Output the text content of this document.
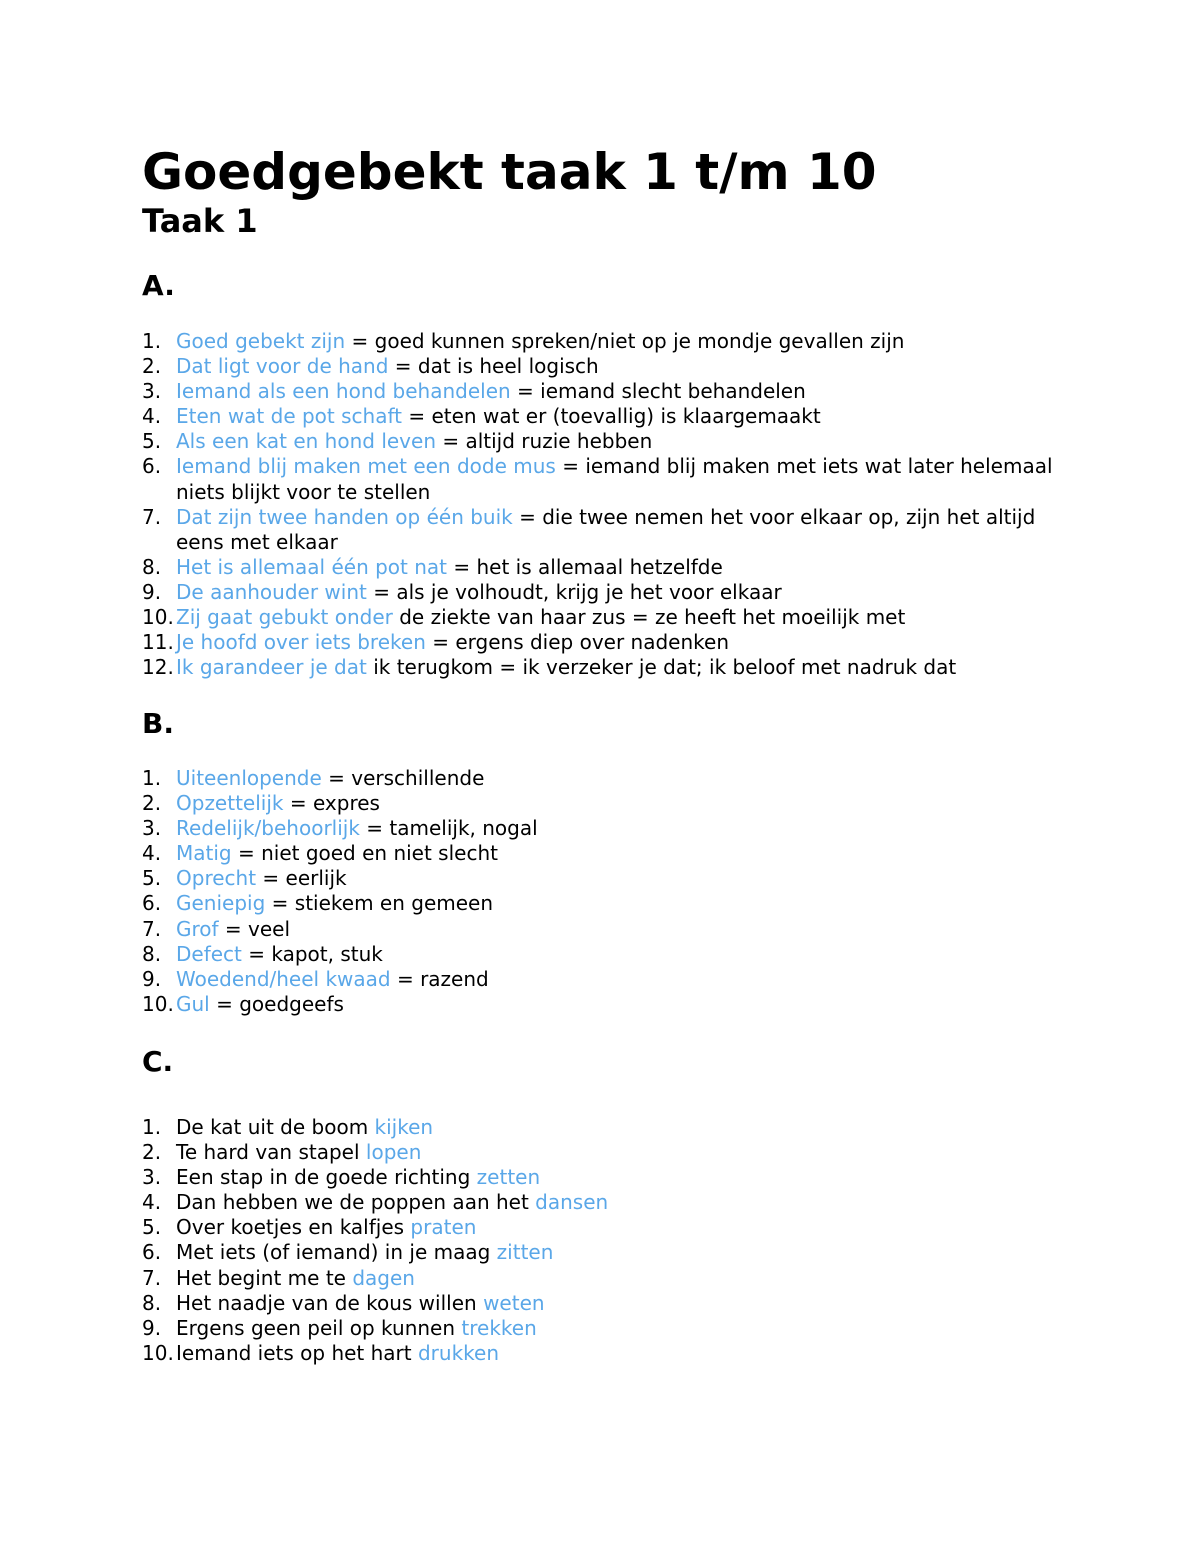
Goedgebekt taak 1 t/m 10
Taak 1
A.
1. Goed gebekt zijn = goed kunnen spreken/niet op je mondje gevallen zijn
2. Dat ligt voor de hand = dat is heel logisch
3. Iemand als een hond behandelen = iemand slecht behandelen
4. Eten wat de pot schaft = eten wat er (toevallig) is klaargemaakt
5. Als een kat en hond leven = altijd ruzie hebben
6. Iemand blij maken met een dode mus = iemand blij maken met iets wat later helemaal niets blijkt voor te stellen
7. Dat zijn twee handen op één buik = die twee nemen het voor elkaar op, zijn het altijd eens met elkaar
8. Het is allemaal één pot nat = het is allemaal hetzelfde
9. De aanhouder wint = als je volhoudt, krijg je het voor elkaar
10. Zij gaat gebukt onder de ziekte van haar zus = ze heeft het moeilijk met
11. Je hoofd over iets breken = ergens diep over nadenken
12. Ik garandeer je dat ik terugkom = ik verzeker je dat; ik beloof met nadruk dat
B.
1. Uiteenlopende = verschillende
2. Opzettelijk = expres
3. Redelijk/behoorlijk = tamelijk, nogal
4. Matig = niet goed en niet slecht
5. Oprecht = eerlijk
6. Geniepig = stiekem en gemeen
7. Grof = veel
8. Defect = kapot, stuk
9. Woedend/heel kwaad = razend
10. Gul = goedgeefs
C.
1. De kat uit de boom kijken
2. Te hard van stapel lopen
3. Een stap in de goede richting zetten
4. Dan hebben we de poppen aan het dansen
5. Over koetjes en kalfjes praten
6. Met iets (of iemand) in je maag zitten
7. Het begint me te dagen
8. Het naadje van de kous willen weten
9. Ergens geen peil op kunnen trekken
10. Iemand iets op het hart drukken
